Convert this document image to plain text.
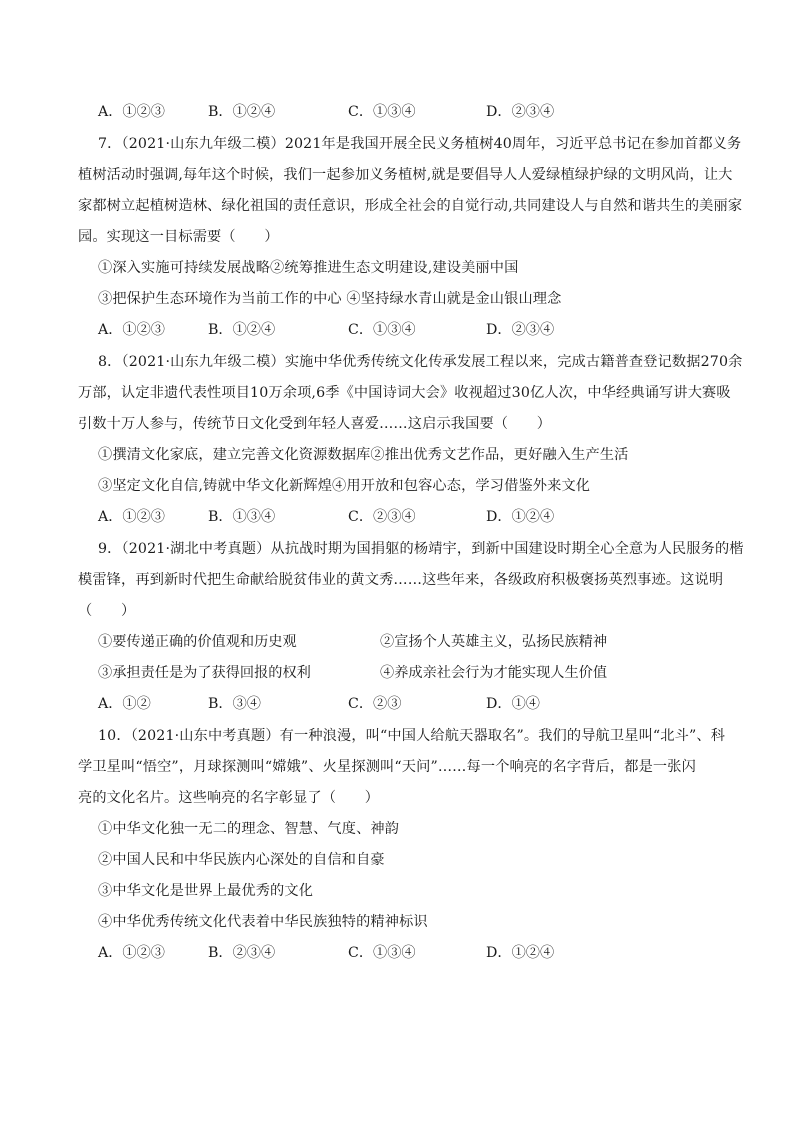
A．①②③	B．①②④	C．①③④	D．②③④
7．（2021·山东九年级二模）2021年是我国开展全民义务植树40周年，习近平总书记在参加首都义务
植树活动时强调,每年这个时候，我们一起参加义务植树,就是要倡导人人爱绿植绿护绿的文明风尚，让大
家都树立起植树造林、绿化祖国的责任意识，形成全社会的自觉行动,共同建设人与自然和谐共生的美丽家
园。实现这一目标需要（　　）
①深入实施可持续发展战略②统筹推进生态文明建设,建设美丽中国
③把保护生态环境作为当前工作的中心 ④坚持绿水青山就是金山银山理念
A．①②③	B．①②④	C．①③④	D．②③④
8．（2021·山东九年级二模）实施中华优秀传统文化传承发展工程以来，完成古籍普查登记数据270余
万部，认定非遗代表性项目10万余项,6季《中国诗词大会》收视超过30亿人次，中华经典诵写讲大赛吸
引数十万人参与，传统节日文化受到年轻人喜爱……这启示我国要（　　）
①撰清文化家底，建立完善文化资源数据库②推出优秀文艺作品，更好融入生产生活
③坚定文化自信,铸就中华文化新辉煌④用开放和包容心态，学习借鉴外来文化
A．①②③	B．①③④	C．②③④	D．①②④
9．（2021·湖北中考真题）从抗战时期为国捐躯的杨靖宇，到新中国建设时期全心全意为人民服务的楷
模雷锋，再到新时代把生命献给脱贫伟业的黄文秀……这些年来，各级政府积极褒扬英烈事迹。这说明
（　　）
①要传递正确的价值观和历史观	②宣扬个人英雄主义，弘扬民族精神
③承担责任是为了获得回报的权利	④养成亲社会行为才能实现人生价值
A．①②	B．③④	C．②③	D．①④
10．（2021·山东中考真题）有一种浪漫，叫“中国人给航天器取名”。我们的导航卫星叫“北斗”、科
学卫星叫“悟空”，月球探测叫“嫦娥”、火星探测叫“天问”……每一个响亮的名字背后，都是一张闪
亮的文化名片。这些响亮的名字彰显了（　　）
①中华文化独一无二的理念、智慧、气度、神韵
②中国人民和中华民族内心深处的自信和自豪
③中华文化是世界上最优秀的文化
④中华优秀传统文化代表着中华民族独特的精神标识
A．①②③	B．②③④	C．①③④	D．①②④
